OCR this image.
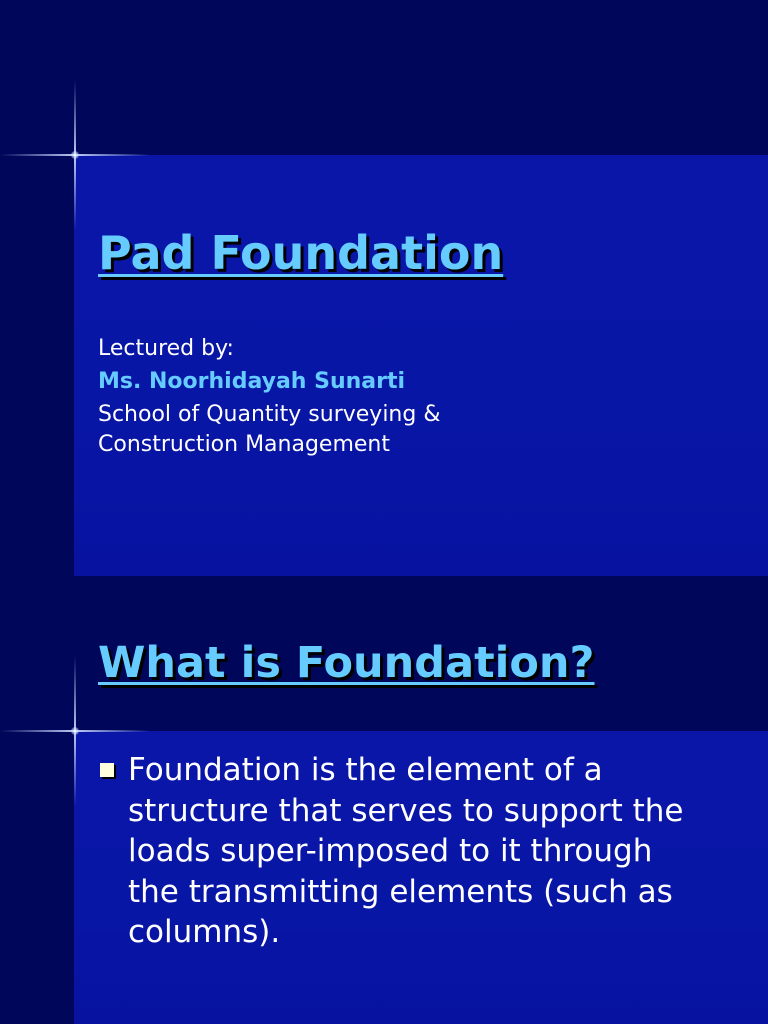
Pad Foundation

Lectured by:

Ms. Noorhidayah Sunarti

School of Quantity surveying &

Construction Management

What is Foundation?
Foundation is the element of a structure that serves to support the loads super-imposed to it through the transmitting elements (such as columns).
